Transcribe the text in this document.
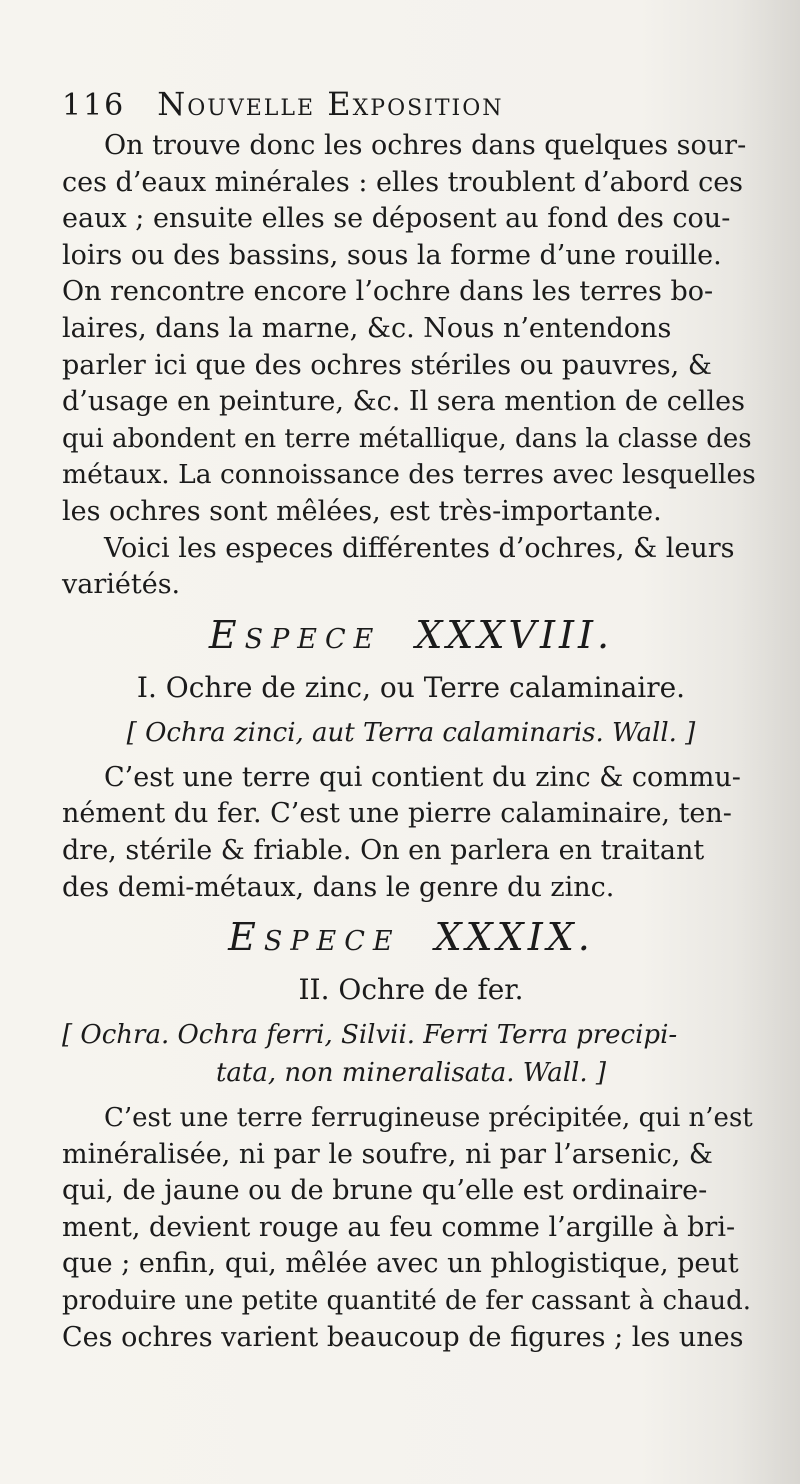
116 Nouvelle Exposition
On trouve donc les ochres dans quelques sour-
ces d’eaux minérales : elles troublent d’abord ces
eaux ; ensuite elles se déposent au fond des cou-
loirs ou des bassins, sous la forme d’une rouille.
On rencontre encore l’ochre dans les terres bo-
laires, dans la marne, &c. Nous n’entendons
parler ici que des ochres stériles ou pauvres, &
d’usage en peinture, &c. Il sera mention de celles
qui abondent en terre métallique, dans la classe des
métaux. La connoissance des terres avec lesquelles
les ochres sont mêlées, est très-importante.
Voici les especes différentes d’ochres, & leurs
variétés.
Espece XXXVIII.
I. Ochre de zinc, ou Terre calaminaire.
[ Ochra zinci, aut Terra calaminaris. Wall. ]
C’est une terre qui contient du zinc & commu-
nément du fer. C’est une pierre calaminaire, ten-
dre, stérile & friable. On en parlera en traitant
des demi-métaux, dans le genre du zinc.
Espece XXXIX.
II. Ochre de fer.
[ Ochra. Ochra ferri, Silvii. Ferri Terra precipi-
tata, non mineralisata. Wall. ]
C’est une terre ferrugineuse précipitée, qui n’est
minéralisée, ni par le soufre, ni par l’arsenic, &
qui, de jaune ou de brune qu’elle est ordinaire-
ment, devient rouge au feu comme l’argille à bri-
que ; enfin, qui, mêlée avec un phlogistique, peut
produire une petite quantité de fer cassant à chaud.
Ces ochres varient beaucoup de figures ; les unes
